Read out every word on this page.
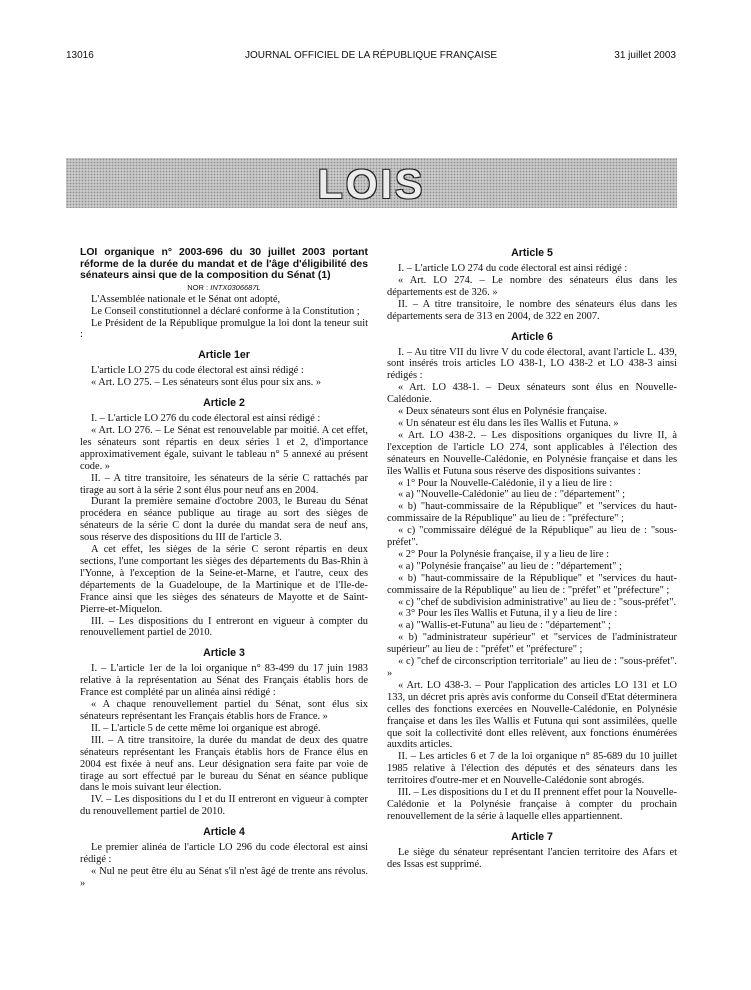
13016	JOURNAL OFFICIEL DE LA RÉPUBLIQUE FRANÇAISE	31 juillet 2003
LOIS

LOI organique n° 2003-696 du 30 juillet 2003 portant réforme de la durée du mandat et de l'âge d'éligibilité des sénateurs ainsi que de la composition du Sénat (1)

NOR : INTX0306687L

L'Assemblée nationale et le Sénat ont adopté,

Le Conseil constitutionnel a déclaré conforme à la Constitution ;

Le Président de la République promulgue la loi dont la teneur suit :

Article 1er

L'article LO 275 du code électoral est ainsi rédigé :

« Art. LO 275. – Les sénateurs sont élus pour six ans. »

Article 2

I. – L'article LO 276 du code électoral est ainsi rédigé :

« Art. LO 276. – Le Sénat est renouvelable par moitié. A cet effet, les sénateurs sont répartis en deux séries 1 et 2, d'importance approximativement égale, suivant le tableau n° 5 annexé au présent code. »

II. – A titre transitoire, les sénateurs de la série C rattachés par tirage au sort à la série 2 sont élus pour neuf ans en 2004.

Durant la première semaine d'octobre 2003, le Bureau du Sénat procédera en séance publique au tirage au sort des sièges de sénateurs de la série C dont la durée du mandat sera de neuf ans, sous réserve des dispositions du III de l'article 3.

A cet effet, les sièges de la série C seront répartis en deux sections, l'une comportant les sièges des départements du Bas-Rhin à l'Yonne, à l'exception de la Seine-et-Marne, et l'autre, ceux des départements de la Guadeloupe, de la Martinique et de l'Ile-de-France ainsi que les sièges des sénateurs de Mayotte et de Saint-Pierre-et-Miquelon.

III. – Les dispositions du I entreront en vigueur à compter du renouvellement partiel de 2010.

Article 3

I. – L'article 1er de la loi organique n° 83-499 du 17 juin 1983 relative à la représentation au Sénat des Français établis hors de France est complété par un alinéa ainsi rédigé :

« A chaque renouvellement partiel du Sénat, sont élus six sénateurs représentant les Français établis hors de France. »

II. – L'article 5 de cette même loi organique est abrogé.

III. – A titre transitoire, la durée du mandat de deux des quatre sénateurs représentant les Français établis hors de France élus en 2004 est fixée à neuf ans. Leur désignation sera faite par voie de tirage au sort effectué par le bureau du Sénat en séance publique dans le mois suivant leur élection.

IV. – Les dispositions du I et du II entreront en vigueur à compter du renouvellement partiel de 2010.

Article 4

Le premier alinéa de l'article LO 296 du code électoral est ainsi rédigé :

« Nul ne peut être élu au Sénat s'il n'est âgé de trente ans révolus. »

Article 5

I. – L'article LO 274 du code électoral est ainsi rédigé :

« Art. LO 274. – Le nombre des sénateurs élus dans les départements est de 326. »

II. – A titre transitoire, le nombre des sénateurs élus dans les départements sera de 313 en 2004, de 322 en 2007.

Article 6

I. – Au titre VII du livre V du code électoral, avant l'article L. 439, sont insérés trois articles LO 438-1, LO 438-2 et LO 438-3 ainsi rédigés :

« Art. LO 438-1. – Deux sénateurs sont élus en Nouvelle-Calédonie.

« Deux sénateurs sont élus en Polynésie française.

« Un sénateur est élu dans les îles Wallis et Futuna. »

« Art. LO 438-2. – Les dispositions organiques du livre II, à l'exception de l'article LO 274, sont applicables à l'élection des sénateurs en Nouvelle-Calédonie, en Polynésie française et dans les îles Wallis et Futuna sous réserve des dispositions suivantes :

« 1° Pour la Nouvelle-Calédonie, il y a lieu de lire :

« a) "Nouvelle-Calédonie" au lieu de : "département" ;

« b) "haut-commissaire de la République" et "services du haut-commissaire de la République" au lieu de : "préfecture" ;

« c) "commissaire délégué de la République" au lieu de : "sous-préfet".

« 2° Pour la Polynésie française, il y a lieu de lire :

« a) "Polynésie française" au lieu de : "département" ;

« b) "haut-commissaire de la République" et "services du haut-commissaire de la République" au lieu de : "préfet" et "préfecture" ;

« c) "chef de subdivision administrative" au lieu de : "sous-préfet".

« 3° Pour les îles Wallis et Futuna, il y a lieu de lire :

« a) "Wallis-et-Futuna" au lieu de : "département" ;

« b) "administrateur supérieur" et "services de l'administrateur supérieur" au lieu de : "préfet" et "préfecture" ;

« c) "chef de circonscription territoriale" au lieu de : "sous-préfet". »

« Art. LO 438-3. – Pour l'application des articles LO 131 et LO 133, un décret pris après avis conforme du Conseil d'Etat déterminera celles des fonctions exercées en Nouvelle-Calédonie, en Polynésie française et dans les îles Wallis et Futuna qui sont assimilées, quelle que soit la collectivité dont elles relèvent, aux fonctions énumérées auxdits articles.

II. – Les articles 6 et 7 de la loi organique n° 85-689 du 10 juillet 1985 relative à l'élection des députés et des sénateurs dans les territoires d'outre-mer et en Nouvelle-Calédonie sont abrogés.

III. – Les dispositions du I et du II prennent effet pour la Nouvelle-Calédonie et la Polynésie française à compter du prochain renouvellement de la série à laquelle elles appartiennent.

Article 7

Le siège du sénateur représentant l'ancien territoire des Afars et des Issas est supprimé.
